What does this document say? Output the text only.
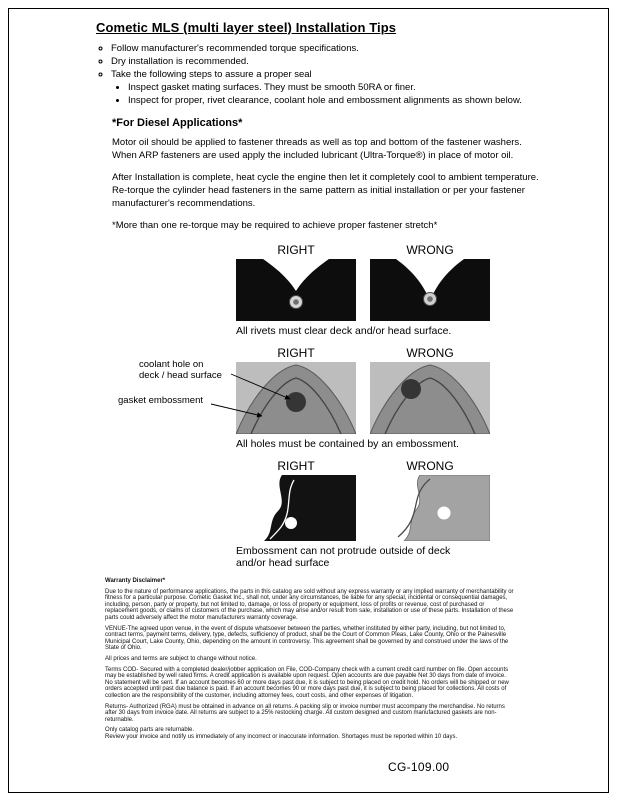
Cometic MLS (multi layer steel) Installation Tips
◦ Follow manufacturer's recommended torque specifications.
◦ Dry installation is recommended.
◦ Take the following steps to assure a proper seal
• Inspect gasket mating surfaces. They must be smooth 50RA or finer.
• Inspect for proper, rivet clearance, coolant hole and embossment alignments as shown below.
*For Diesel Applications*

Motor oil should be applied to fastener threads as well as top and bottom of the fastener washers. When ARP fasteners are used apply the included lubricant (Ultra-Torque®) in place of motor oil.

After Installation is complete, heat cycle the engine then let it completely cool to ambient temperature. Re-torque the cylinder head fasteners in the same pattern as initial installation or per your fastener manufacturer's recommendations.

*More than one re-torque may be required to achieve proper fastener stretch*

RIGHT	WRONG
All rivets must clear deck and/or head surface.
RIGHT	WRONG
coolant hole on
deck / head surface
gasket embossment
All holes must be contained by an embossment.
RIGHT	WRONG
Embossment can not protrude outside of deck and/or head surface

Warranty Disclaimer*

Due to the nature of performance applications, the parts in this catalog are sold without any express warranty or any implied warranty of merchantability or fitness for a particular purpose. Cometic Gasket Inc., shall not, under any circumstances, be liable for any special, incidental or consequential damages, including, person, party or property, but not limited to, damage, or loss of property or equipment, loss of profits or revenue, cost of purchased or replacement goods, or claims of customers of the purchase, which may arise and/or result from sale, installation or use of these parts. Installation of these parts could adversely affect the motor manufacturers warranty coverage.

VENUE-The agreed upon venue, in the event of dispute whatsoever between the parties, whether instituted by either party, including, but not limited to, contract terms, payment terms, delivery, type, defects, sufficiency of product, shall be the Court of Common Pleas, Lake County, Ohio or the Painesville Municipal Court, Lake County, Ohio, depending on the amount in controversy. This agreement shall be governed by and construed under the laws of the State of Ohio.

All prices and terms are subject to change without notice.

Terms COD- Secured with a completed dealer/jobber application on File, COD-Company check with a current credit card number on file. Open accounts may be established by well rated firms. A credit application is available upon request. Open accounts are due payable Net 30 days from date of invoice. No statement will be sent. If an account becomes 60 or more days past due, it is subject to being placed on credit hold. No orders will be shipped or new orders accepted until past due balance is paid. If an account becomes 90 or more days past due, it is subject to being placed for collections. All costs of collection are the responsibility of the customer, including attorney fees, court costs, and other expenses of litigation.

Returns- Authorized (RGA) must be obtained in advance on all returns. A packing slip or invoice number must accompany the merchandise. No returns after 30 days from invoice date. All returns are subject to a 25% restocking charge. All custom designed and custom manufactured gaskets are non-returnable.

Only catalog parts are returnable.

Review your invoice and notify us immediately of any incorrect or inaccurate information. Shortages must be reported within 10 days.

CG-109.00
